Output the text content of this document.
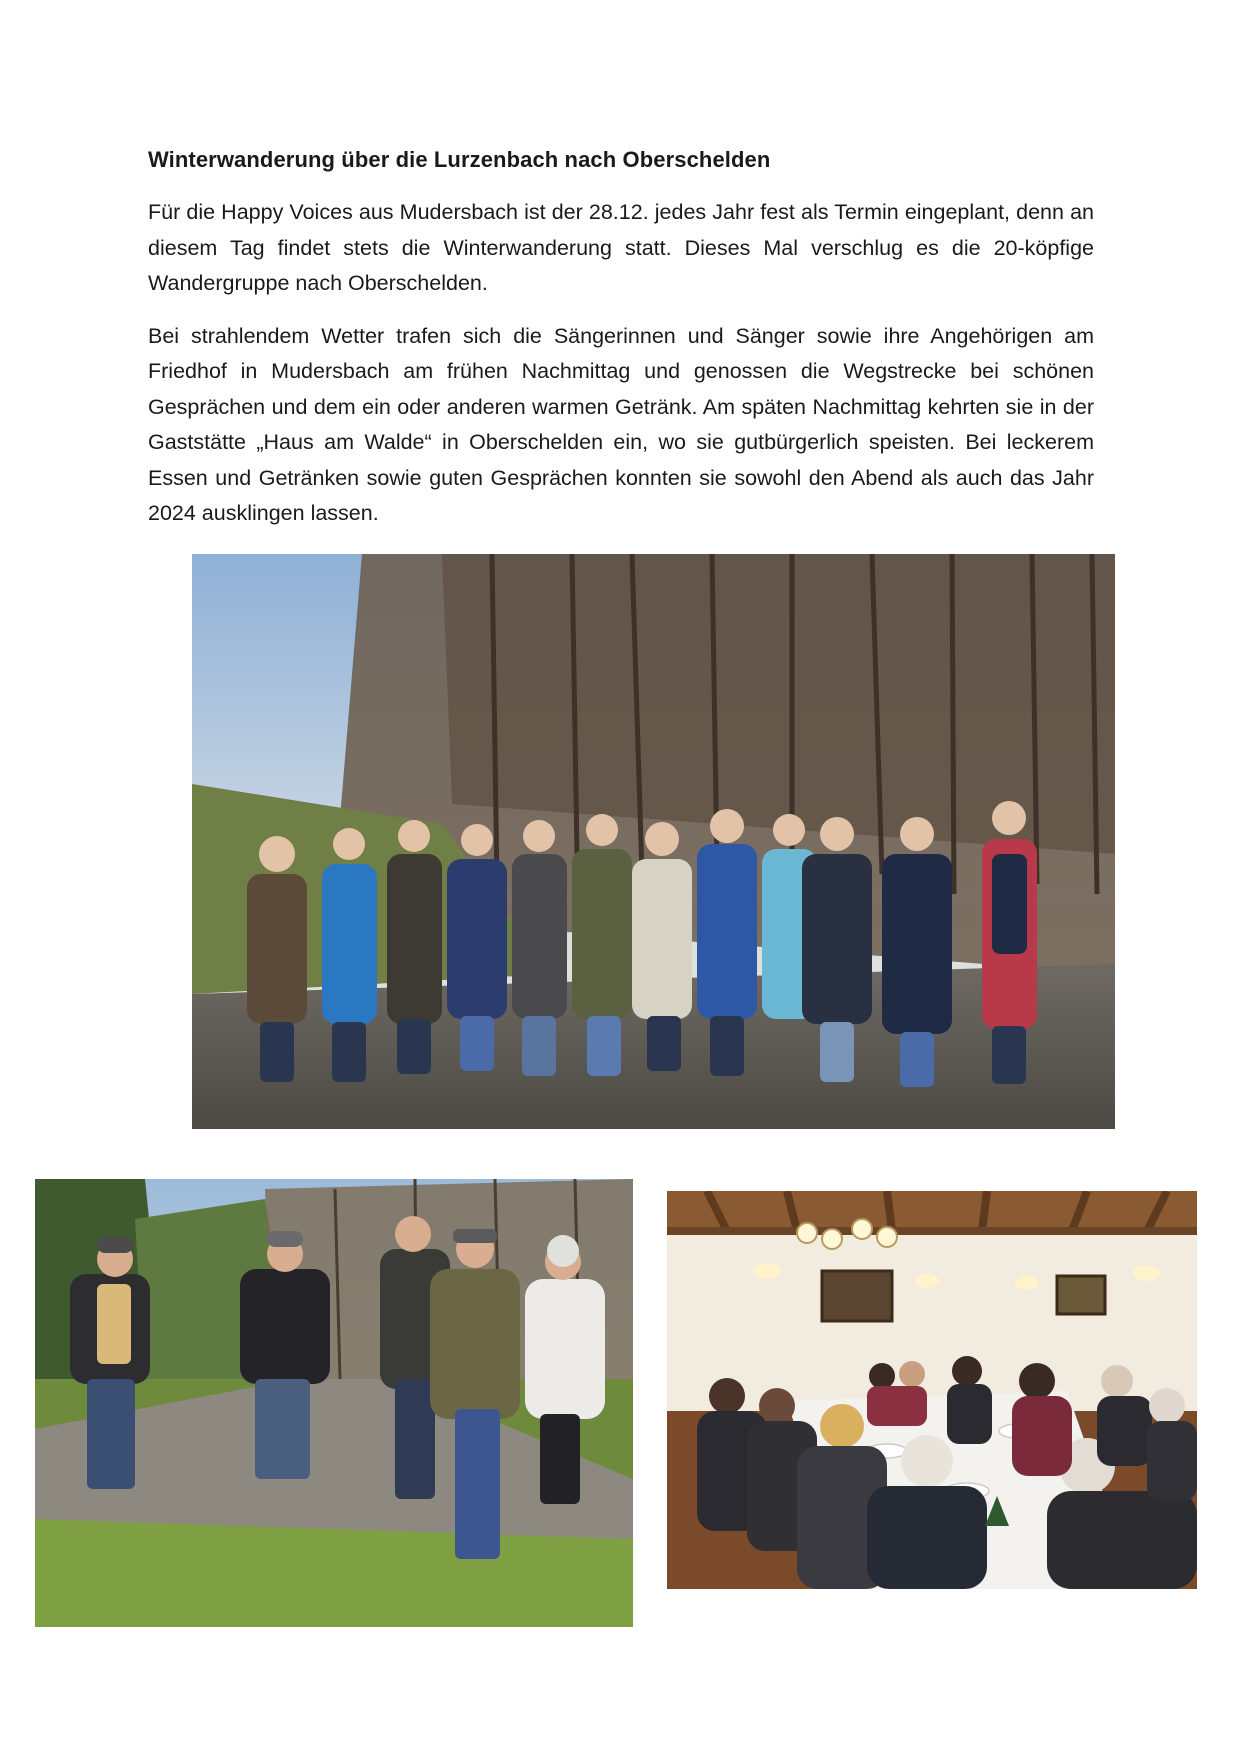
Winterwanderung über die Lurzenbach nach Oberschelden

Für die Happy Voices aus Mudersbach ist der 28.12. jedes Jahr fest als Termin eingeplant, denn an diesem Tag findet stets die Winterwanderung statt. Dieses Mal verschlug es die 20-köpfige Wandergruppe nach Oberschelden.

Bei strahlendem Wetter trafen sich die Sängerinnen und Sänger sowie ihre Angehörigen am Friedhof in Mudersbach am frühen Nachmittag und genossen die Wegstrecke bei schönen Gesprächen und dem ein oder anderen warmen Getränk. Am späten Nachmittag kehrten sie in der Gaststätte „Haus am Walde“ in Oberschelden ein, wo sie gutbürgerlich speisten. Bei leckerem Essen und Getränken sowie guten Gesprächen konnten sie sowohl den Abend als auch das Jahr 2024 ausklingen lassen.
